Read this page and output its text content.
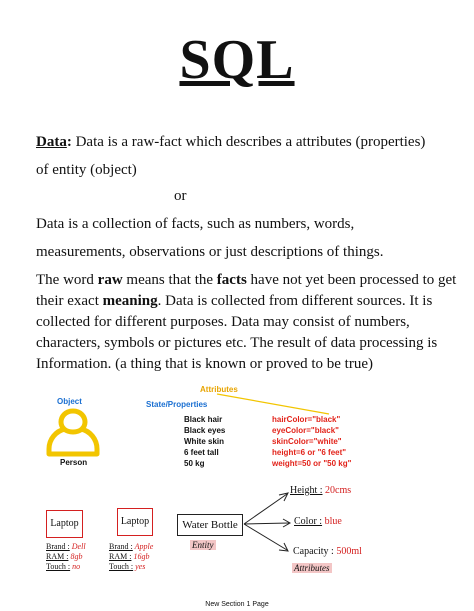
SQL
Data: Data is a raw-fact which describes a attributes (properties)
of entity (object)
or
Data is a collection of facts, such as numbers, words,
measurements, observations or just descriptions of things.
The word raw means that the facts have not yet been processed to get
their exact meaning. Data is collected from different sources. It is
collected for different purposes. Data may consist of numbers,
characters, symbols or pictures etc. The result of data processing is
Information. (a thing that is known or proved to be true)
Object
Person
Attributes
State/Properties
Black hair
Black eyes
White skin
6 feet tall
50 kg
hairColor="black"
eyeColor="black"
skinColor="white"
height=6 or "6 feet"
weight=50 or "50 kg"
Laptop
Brand : Dell
RAM : 8gb
Touch : no
Laptop
Brand : Apple
RAM : 16gb
Touch : yes
Water Bottle
Entity
Height : 20cms
Color : blue
Capacity : 500ml
Attributes
New Section 1 Page
